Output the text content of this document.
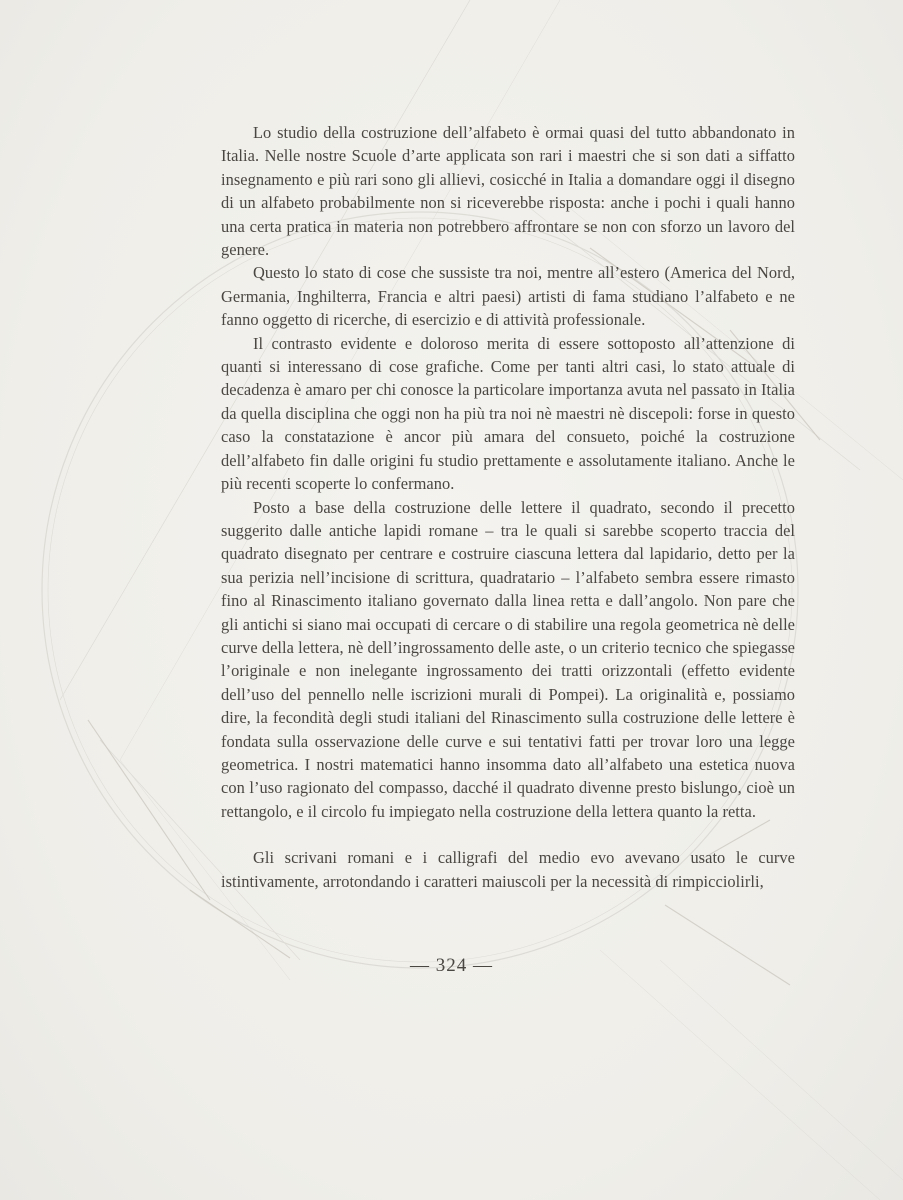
Lo studio della costruzione dell’alfabeto è ormai quasi del tutto abbandonato in Italia. Nelle nostre Scuole d’arte applicata son rari i maestri che si son dati a siffatto insegnamento e più rari sono gli allievi, cosicché in Italia a domandare oggi il disegno di un alfabeto probabilmente non si riceverebbe risposta: anche i pochi i quali hanno una certa pratica in materia non potrebbero affrontare se non con sforzo un lavoro del genere.

Questo lo stato di cose che sussiste tra noi, mentre all’estero (America del Nord, Germania, Inghilterra, Francia e altri paesi) artisti di fama studiano l’alfabeto e ne fanno oggetto di ricerche, di esercizio e di attività professionale.

Il contrasto evidente e doloroso merita di essere sottoposto all’attenzione di quanti si interessano di cose grafiche. Come per tanti altri casi, lo stato attuale di decadenza è amaro per chi conosce la particolare importanza avuta nel passato in Italia da quella disciplina che oggi non ha più tra noi nè maestri nè discepoli: forse in questo caso la constatazione è ancor più amara del consueto, poiché la costruzione dell’alfabeto fin dalle origini fu studio prettamente e assolutamente italiano. Anche le più recenti scoperte lo confermano.

Posto a base della costruzione delle lettere il quadrato, secondo il precetto suggerito dalle antiche lapidi romane – tra le quali si sarebbe scoperto traccia del quadrato disegnato per centrare e costruire ciascuna lettera dal lapidario, detto per la sua perizia nell’incisione di scrittura, quadratario – l’alfabeto sembra essere rimasto fino al Rinascimento italiano governato dalla linea retta e dall’angolo. Non pare che gli antichi si siano mai occupati di cercare o di stabilire una regola geometrica nè delle curve della lettera, nè dell’ingrossamento delle aste, o un criterio tecnico che spiegasse l’originale e non inelegante ingrossamento dei tratti orizzontali (effetto evidente dell’uso del pennello nelle iscrizioni murali di Pompei). La originalità e, possiamo dire, la fecondità degli studi italiani del Rinascimento sulla costruzione delle lettere è fondata sulla osservazione delle curve e sui tentativi fatti per trovar loro una legge geometrica. I nostri matematici hanno insomma dato all’alfabeto una estetica nuova con l’uso ragionato del compasso, dacché il quadrato divenne presto bislungo, cioè un rettangolo, e il circolo fu impiegato nella costruzione della lettera quanto la retta.

Gli scrivani romani e i calligrafi del medio evo avevano usato le curve istintivamente, arrotondando i caratteri maiuscoli per la necessità di rimpicciolirli,

— 324 —
